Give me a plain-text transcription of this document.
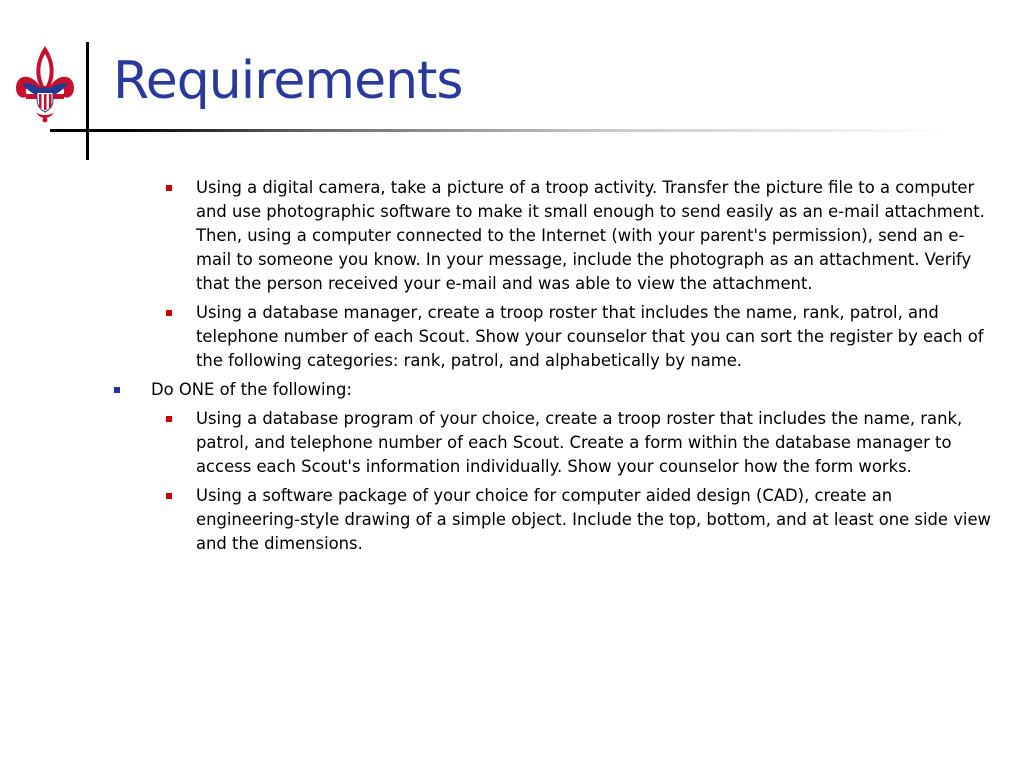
Requirements
Using a digital camera, take a picture of a troop activity. Transfer the picture file to a computer and use photographic software to make it small enough to send easily as an e-mail attachment. Then, using a computer connected to the Internet (with your parent's permission), send an e-mail to someone you know. In your message, include the photograph as an attachment. Verify that the person received your e-mail and was able to view the attachment.
Using a database manager, create a troop roster that includes the name, rank, patrol, and telephone number of each Scout. Show your counselor that you can sort the register by each of the following categories: rank, patrol, and alphabetically by name.
Do ONE of the following:
Using a database program of your choice, create a troop roster that includes the name, rank, patrol, and telephone number of each Scout. Create a form within the database manager to access each Scout's information individually. Show your counselor how the form works.
Using a software package of your choice for computer aided design (CAD), create an engineering-style drawing of a simple object. Include the top, bottom, and at least one side view and the dimensions.
